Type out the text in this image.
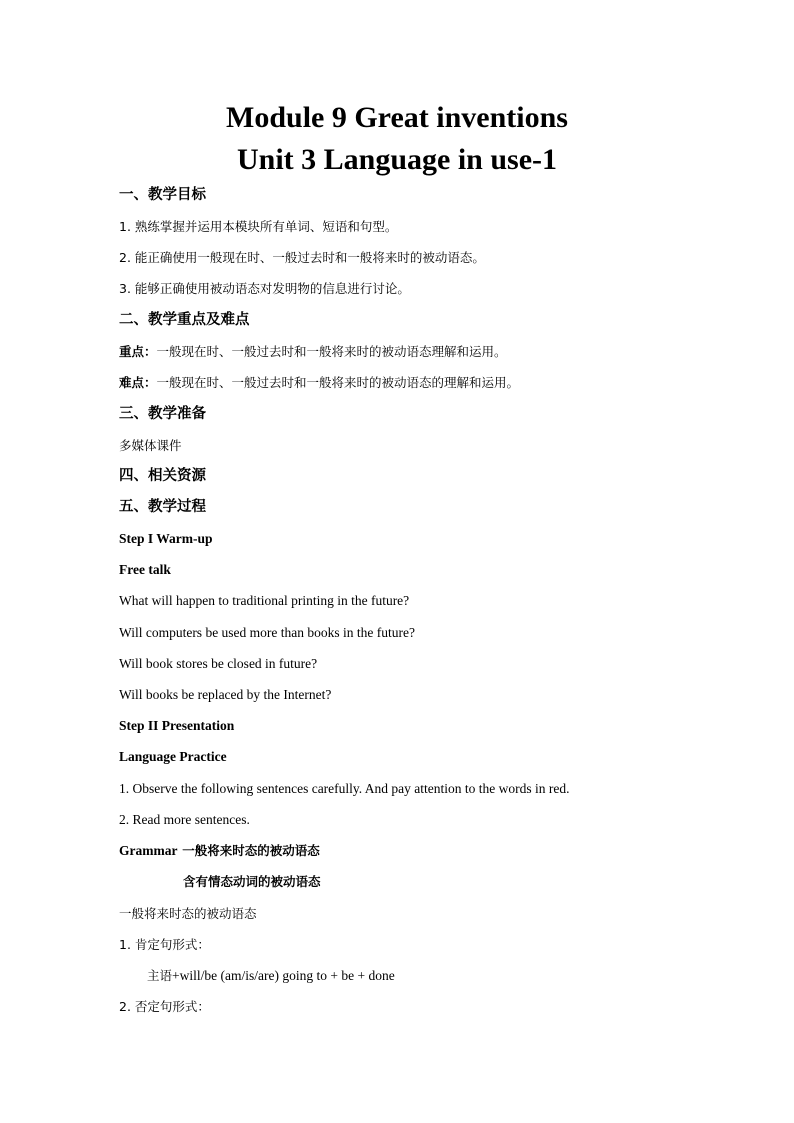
Module 9 Great inventions
Unit 3 Language in use-1
一、教学目标
1. 熟练掌握并运用本模块所有单词、短语和句型。
2. 能正确使用一般现在时、一般过去时和一般将来时的被动语态。
3. 能够正确使用被动语态对发明物的信息进行讨论。
二、教学重点及难点
重点：一般现在时、一般过去时和一般将来时的被动语态理解和运用。
难点：一般现在时、一般过去时和一般将来时的被动语态的理解和运用。
三、教学准备
多媒体课件
四、相关资源
五、教学过程
Step I Warm-up
Free talk
What will happen to traditional printing in the future?
Will computers be used more than books in the future?
Will book stores be closed in future?
Will books be replaced by the Internet?
Step II Presentation
Language Practice
1. Observe the following sentences carefully. And pay attention to the words in red.
2. Read more sentences.
Grammar 一般将来时态的被动语态
含有情态动词的被动语态
一般将来时态的被动语态
1. 肯定句形式：
主语+will/be (am/is/are) going to + be + done
2. 否定句形式：
